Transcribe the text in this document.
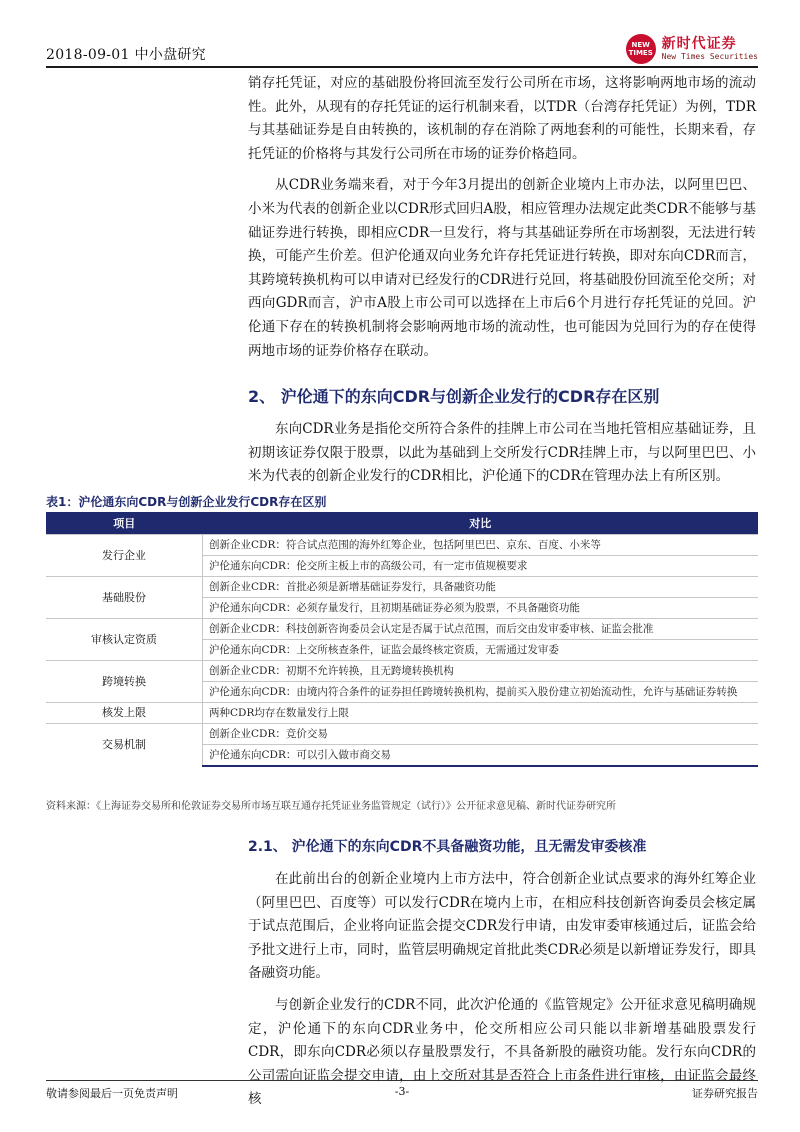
2018-09-01 中小盘研究
NEW
TIMES
新时代证券
New Times Securities

销存托凭证，对应的基础股份将回流至发行公司所在市场，这将影响两地市场的流动性。此外，从现有的存托凭证的运行机制来看，以TDR（台湾存托凭证）为例，TDR与其基础证券是自由转换的，该机制的存在消除了两地套利的可能性，长期来看，存托凭证的价格将与其发行公司所在市场的证券价格趋同。

从CDR业务端来看，对于今年3月提出的创新企业境内上市办法，以阿里巴巴、小米为代表的创新企业以CDR形式回归A股，相应管理办法规定此类CDR不能够与基础证券进行转换，即相应CDR一旦发行，将与其基础证券所在市场割裂，无法进行转换，可能产生价差。但沪伦通双向业务允许存托凭证进行转换，即对东向CDR而言，其跨境转换机构可以申请对已经发行的CDR进行兑回，将基础股份回流至伦交所；对西向GDR而言，沪市A股上市公司可以选择在上市后6个月进行存托凭证的兑回。沪伦通下存在的转换机制将会影响两地市场的流动性，也可能因为兑回行为的存在使得两地市场的证券价格存在联动。

2、 沪伦通下的东向CDR与创新企业发行的CDR存在区别

东向CDR业务是指伦交所符合条件的挂牌上市公司在当地托管相应基础证券，且初期该证券仅限于股票，以此为基础到上交所发行CDR挂牌上市，与以阿里巴巴、小米为代表的创新企业发行的CDR相比，沪伦通下的CDR在管理办法上有所区别。

表1：沪伦通东向CDR与创新企业发行CDR存在区别
项目	对比
发行企业	创新企业CDR：符合试点范围的海外红筹企业，包括阿里巴巴、京东、百度、小米等
	沪伦通东向CDR：伦交所主板上市的高级公司，有一定市值规模要求
基础股份	创新企业CDR：首批必须是新增基础证券发行，具备融资功能
	沪伦通东向CDR：必须存量发行，且初期基础证券必须为股票，不具备融资功能
审核认定资质	创新企业CDR：科技创新咨询委员会认定是否属于试点范围，而后交由发审委审核、证监会批准
	沪伦通东向CDR：上交所核查条件，证监会最终核定资质，无需通过发审委
跨境转换	创新企业CDR：初期不允许转换，且无跨境转换机构
	沪伦通东向CDR：由境内符合条件的证券担任跨境转换机构，提前买入股份建立初始流动性，允许与基础证券转换
核发上限	两种CDR均存在数量发行上限
交易机制	创新企业CDR：竞价交易
	沪伦通东向CDR：可以引入做市商交易
资料来源：《上海证券交易所和伦敦证券交易所市场互联互通存托凭证业务监管规定（试行）》公开征求意见稿、新时代证券研究所
2.1、 沪伦通下的东向CDR不具备融资功能，且无需发审委核准

在此前出台的创新企业境内上市方法中，符合创新企业试点要求的海外红筹企业（阿里巴巴、百度等）可以发行CDR在境内上市，在相应科技创新咨询委员会核定属于试点范围后，企业将向证监会提交CDR发行申请，由发审委审核通过后，证监会给予批文进行上市，同时，监管层明确规定首批此类CDR必须是以新增证券发行，即具备融资功能。

与创新企业发行的CDR不同，此次沪伦通的《监管规定》公开征求意见稿明确规定，沪伦通下的东向CDR业务中，伦交所相应公司只能以非新增基础股票发行CDR，即东向CDR必须以存量股票发行，不具备新股的融资功能。发行东向CDR的公司需向证监会提交申请，由上交所对其是否符合上市条件进行审核，由证监会最终核

敬请参阅最后一页免责声明	-3-	证券研究报告
